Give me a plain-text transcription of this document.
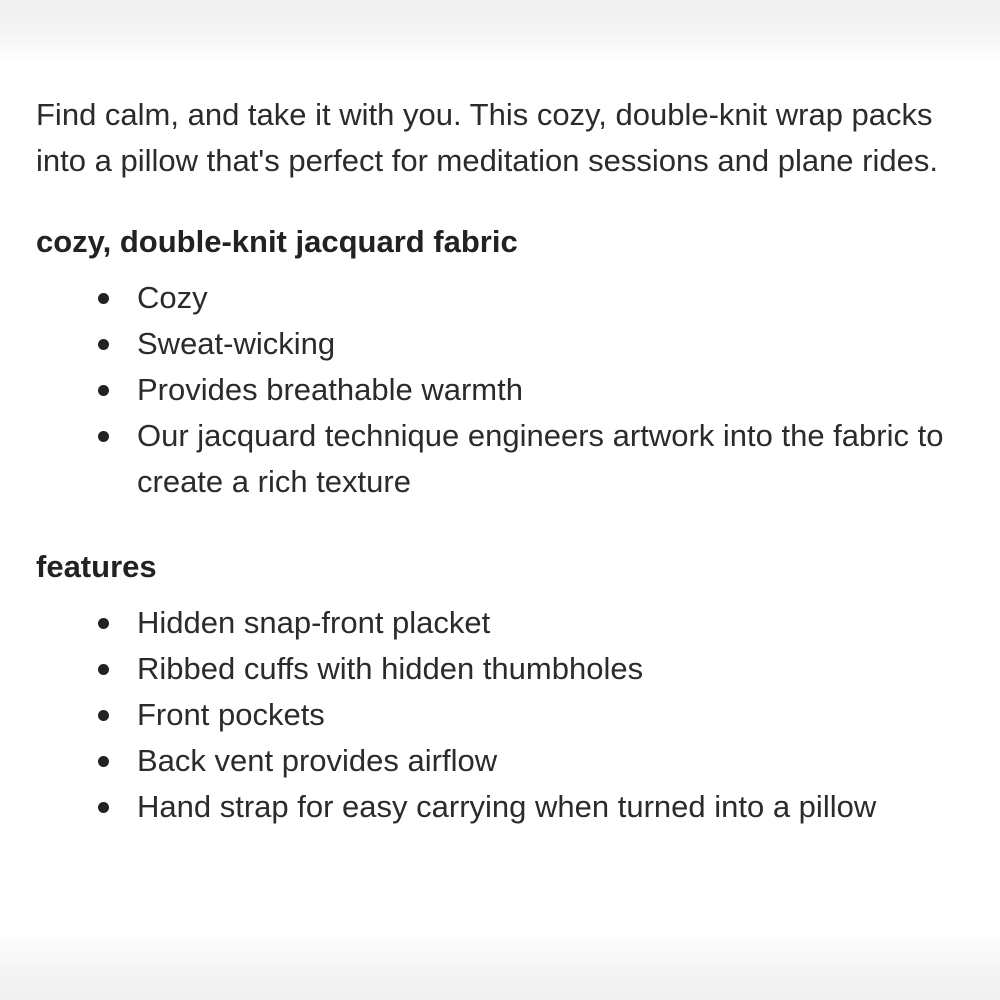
Find calm, and take it with you. This cozy, double-knit wrap packs into a pillow that's perfect for meditation sessions and plane rides.

cozy, double-knit jacquard fabric
Cozy
Sweat-wicking
Provides breathable warmth
Our jacquard technique engineers artwork into the fabric to create a rich texture
features
Hidden snap-front placket
Ribbed cuffs with hidden thumbholes
Front pockets
Back vent provides airflow
Hand strap for easy carrying when turned into a pillow
